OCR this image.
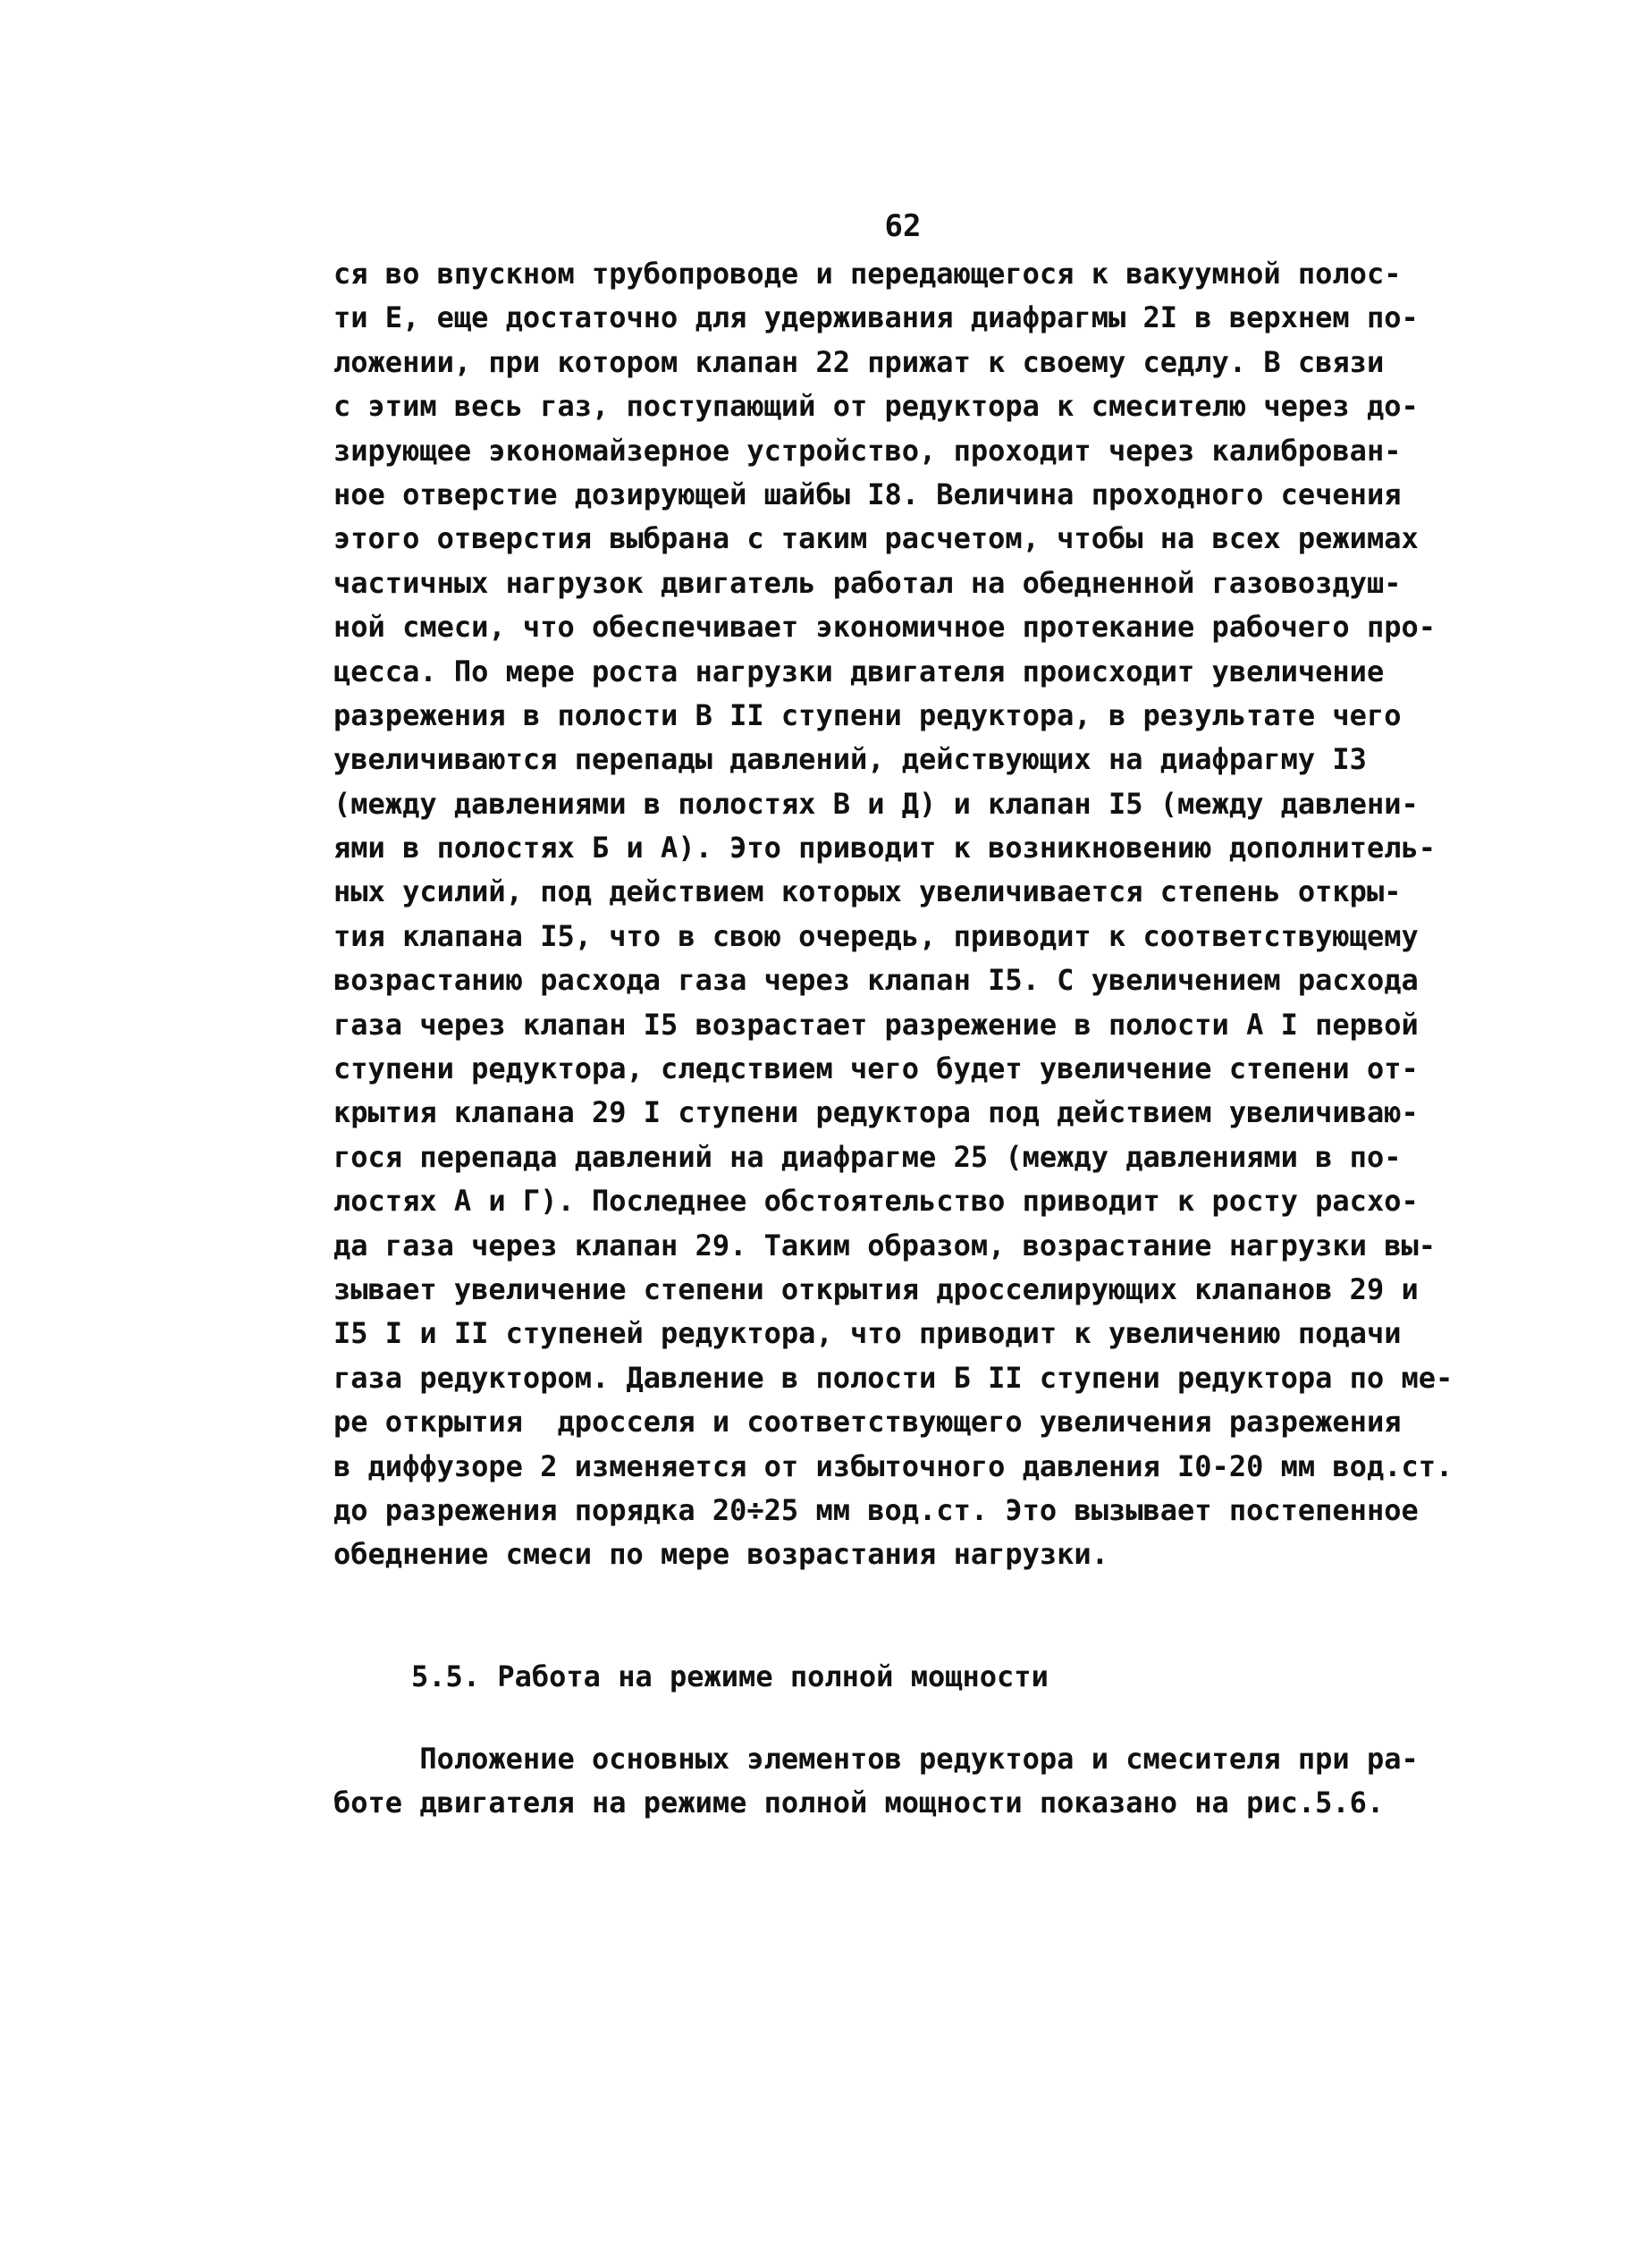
62
ся во впускном трубопроводе и передающегося к вакуумной полос-
ти Е, еще достаточно для удерживания диафрагмы 2I в верхнем по-
ложении, при котором клапан 22 прижат к своему седлу. В связи
с этим весь газ, поступающий от редуктора к смесителю через до-
зирующее экономайзерное устройство, проходит через калиброван-
ное отверстие дозирующей шайбы I8. Величина проходного сечения
этого отверстия выбрана с таким расчетом, чтобы на всех режимах
частичных нагрузок двигатель работал на обедненной газовоздуш-
ной смеси, что обеспечивает экономичное протекание рабочего про-
цесса. По мере роста нагрузки двигателя происходит увеличение
разрежения в полости В II ступени редуктора, в результате чего
увеличиваются перепады давлений, действующих на диафрагму I3
(между давлениями в полостях В и Д) и клапан I5 (между давлени-
ями в полостях Б и А). Это приводит к возникновению дополнитель-
ных усилий, под действием которых увеличивается степень откры-
тия клапана I5, что в свою очередь, приводит к соответствующему
возрастанию расхода газа через клапан I5. С увеличением расхода
газа через клапан I5 возрастает разрежение в полости А I первой
ступени редуктора, следствием чего будет увеличение степени от-
крытия клапана 29 I ступени редуктора под действием увеличиваю-
гося перепада давлений на диафрагме 25 (между давлениями в по-
лостях А и Г). Последнее обстоятельство приводит к росту расхо-
да газа через клапан 29. Таким образом, возрастание нагрузки вы-
зывает увеличение степени открытия дросселирующих клапанов 29 и
I5 I и II ступеней редуктора, что приводит к увеличению подачи
газа редуктором. Давление в полости Б II ступени редуктора по ме-
ре открытия  дросселя и соответствующего увеличения разрежения
в диффузоре 2 изменяется от избыточного давления I0-20 мм вод.ст.
до разрежения порядка 20÷25 мм вод.ст. Это вызывает постепенное
обеднение смеси по мере возрастания нагрузки.
5.5. Работа на режиме полной мощности
Положение основных элементов редуктора и смесителя при ра-
боте двигателя на режиме полной мощности показано на рис.5.6.
